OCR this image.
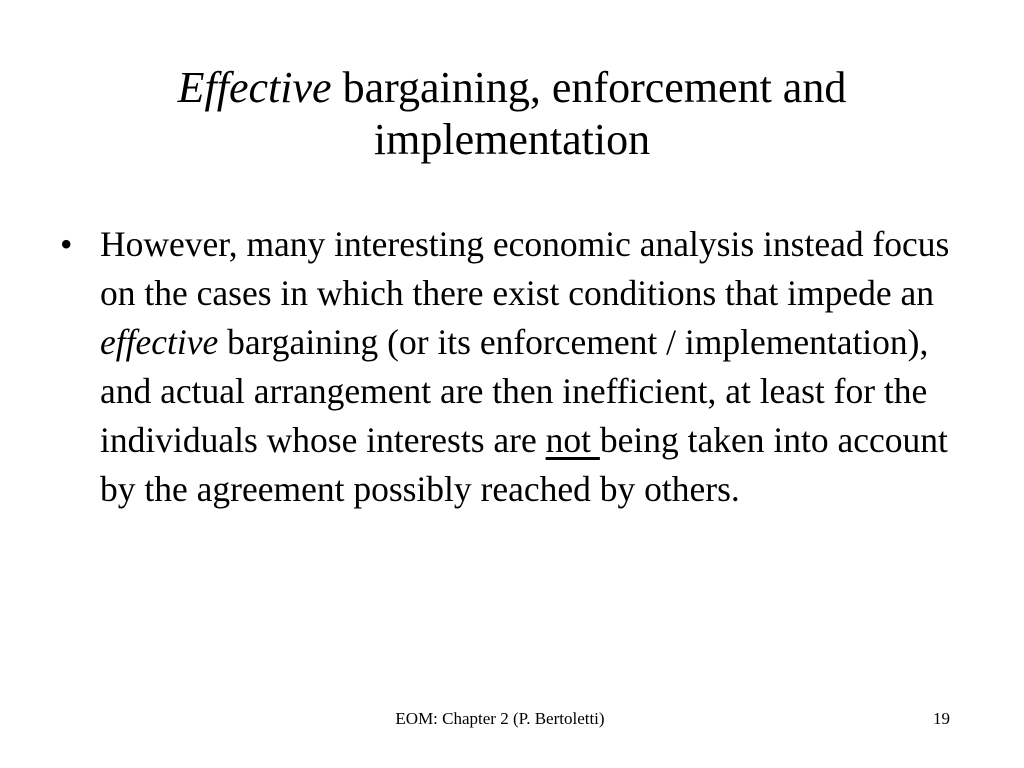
Effective bargaining, enforcement and implementation
• However, many interesting economic analysis instead focus on the cases in which there exist conditions that impede an effective bargaining (or its enforcement / implementation), and actual arrangement are then inefficient, at least for the individuals whose interests are not being taken into account by the agreement possibly reached by others.
EOM: Chapter 2 (P. Bertoletti)	19
